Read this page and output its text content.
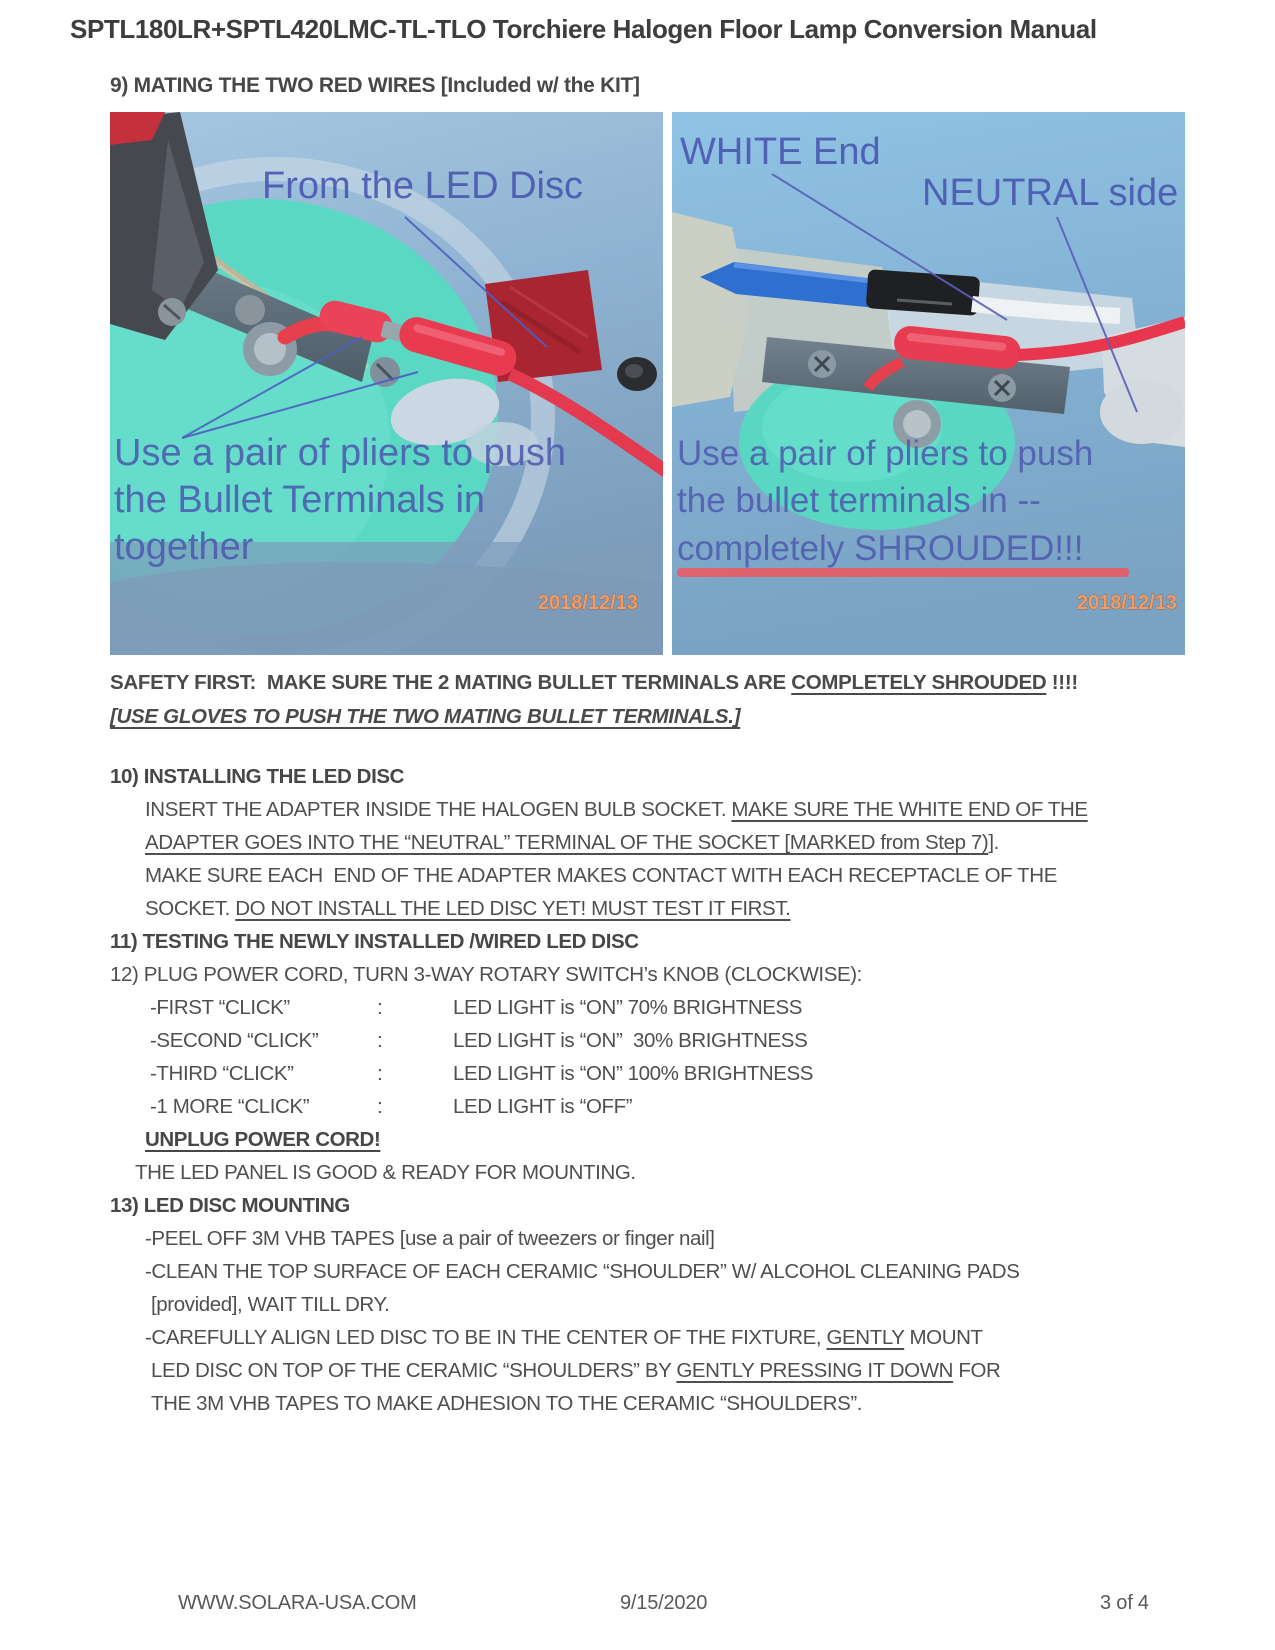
SPTL180LR+SPTL420LMC-TL-TLO Torchiere Halogen Floor Lamp Conversion Manual
9) MATING THE TWO RED WIRES [Included w/ the KIT]
From the LED Disc
Use a pair of pliers to push
the Bullet Terminals in
together
2018/12/13
WHITE End
NEUTRAL side
Use a pair of pliers to push
the bullet terminals in --
completely SHROUDED!!!
2018/12/13
SAFETY FIRST:  MAKE SURE THE 2 MATING BULLET TERMINALS ARE COMPLETELY SHROUDED !!!!
[USE GLOVES TO PUSH THE TWO MATING BULLET TERMINALS.]
10) INSTALLING THE LED DISC
INSERT THE ADAPTER INSIDE THE HALOGEN BULB SOCKET. MAKE SURE THE WHITE END OF THE
ADAPTER GOES INTO THE “NEUTRAL” TERMINAL OF THE SOCKET [MARKED from Step 7)].
MAKE SURE EACH  END OF THE ADAPTER MAKES CONTACT WITH EACH RECEPTACLE OF THE
SOCKET. DO NOT INSTALL THE LED DISC YET! MUST TEST IT FIRST.
11) TESTING THE NEWLY INSTALLED /WIRED LED DISC
12) PLUG POWER CORD, TURN 3-WAY ROTARY SWITCH’s KNOB (CLOCKWISE):
-FIRST “CLICK”	:	LED LIGHT is “ON” 70% BRIGHTNESS
-SECOND “CLICK”	:	LED LIGHT is “ON”  30% BRIGHTNESS
-THIRD “CLICK”	:	LED LIGHT is “ON” 100% BRIGHTNESS
-1 MORE “CLICK”	:	LED LIGHT is “OFF”
UNPLUG POWER CORD!
THE LED PANEL IS GOOD & READY FOR MOUNTING.
13) LED DISC MOUNTING
-PEEL OFF 3M VHB TAPES [use a pair of tweezers or finger nail]
-CLEAN THE TOP SURFACE OF EACH CERAMIC “SHOULDER” W/ ALCOHOL CLEANING PADS
[provided], WAIT TILL DRY.
-CAREFULLY ALIGN LED DISC TO BE IN THE CENTER OF THE FIXTURE, GENTLY MOUNT
LED DISC ON TOP OF THE CERAMIC “SHOULDERS” BY GENTLY PRESSING IT DOWN FOR
THE 3M VHB TAPES TO MAKE ADHESION TO THE CERAMIC “SHOULDERS”.
WWW.SOLARA-USA.COM	9/15/2020	3 of 4
